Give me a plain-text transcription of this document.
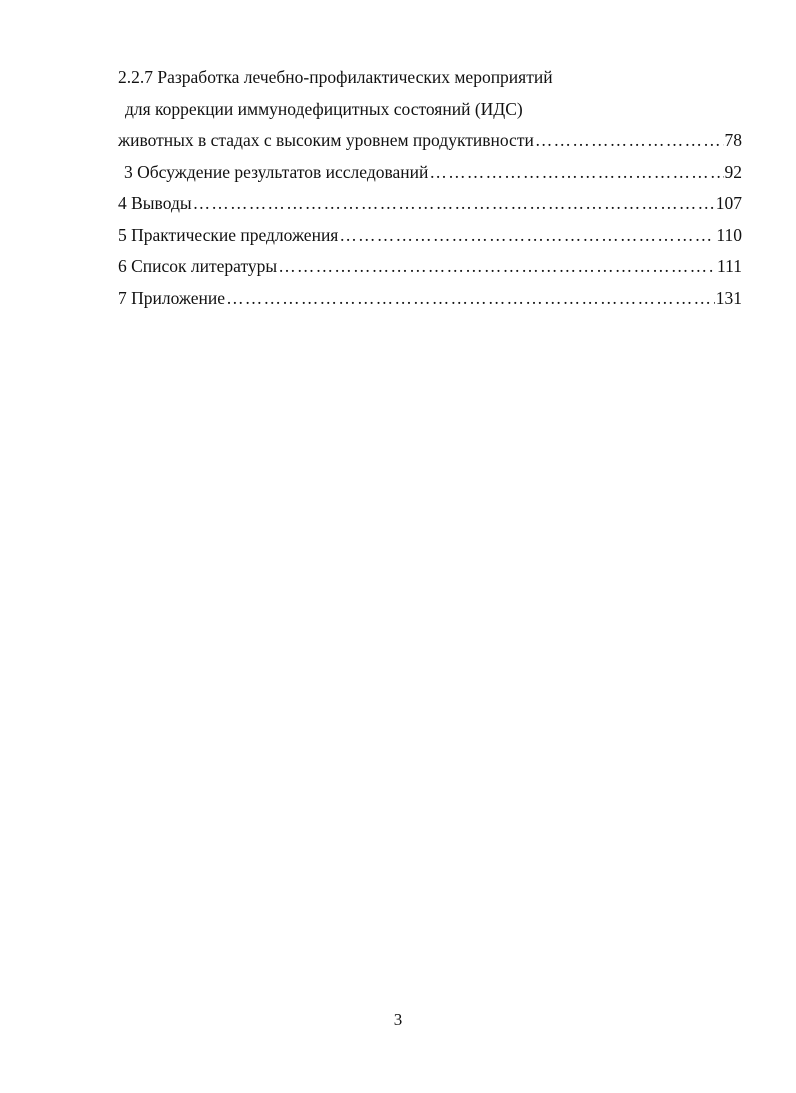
2.2.7 Разработка лечебно-профилактических мероприятий
для коррекции иммунодефицитных состояний (ИДС)
животных в стадах с высоким уровнем продуктивности ………………………………………………………………………………………………………………………………………………………	78
3 Обсуждение результатов исследований ………………………………………………………………………………………………………………………………………………………	92
4 Выводы ………………………………………………………………………………………………………………………………………………………	107
5 Практические предложения ………………………………………………………………………………………………………………………………………………………	110
6 Список литературы ………………………………………………………………………………………………………………………………………………………	111
7 Приложение ………………………………………………………………………………………………………………………………………………………	131
3
